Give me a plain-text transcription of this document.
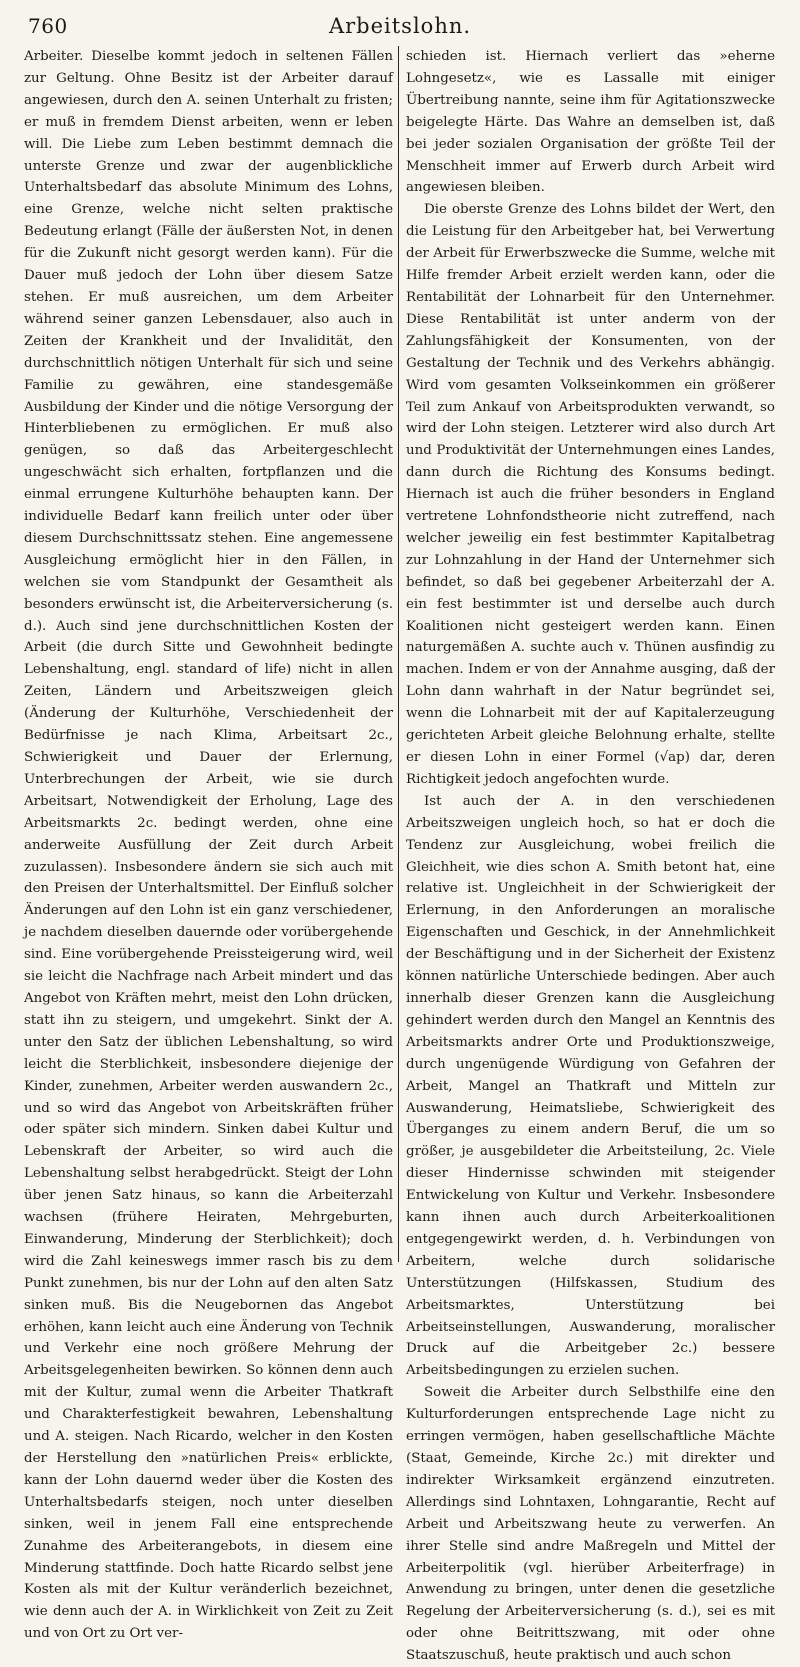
760	Arbeitslohn.

Arbeiter. Dieselbe kommt jedoch in seltenen Fällen zur Geltung. Ohne Besitz ist der Arbeiter darauf angewiesen, durch den A. seinen Unterhalt zu fristen; er muß in fremdem Dienst arbeiten, wenn er leben will. Die Liebe zum Leben bestimmt demnach die unterste Grenze und zwar der augenblickliche Unterhaltsbedarf das absolute Minimum des Lohns, eine Grenze, welche nicht selten praktische Bedeutung erlangt (Fälle der äußersten Not, in denen für die Zukunft nicht gesorgt werden kann). Für die Dauer muß jedoch der Lohn über diesem Satze stehen. Er muß ausreichen, um dem Arbeiter während seiner ganzen Lebensdauer, also auch in Zeiten der Krankheit und der Invalidität, den durchschnittlich nötigen Unterhalt für sich und seine Familie zu gewähren, eine standesgemäße Ausbildung der Kinder und die nötige Versorgung der Hinterbliebenen zu ermöglichen. Er muß also genügen, so daß das Arbeitergeschlecht ungeschwächt sich erhalten, fortpflanzen und die einmal errungene Kulturhöhe behaupten kann. Der individuelle Bedarf kann freilich unter oder über diesem Durchschnittssatz stehen. Eine angemessene Ausgleichung ermöglicht hier in den Fällen, in welchen sie vom Standpunkt der Gesamtheit als besonders erwünscht ist, die Arbeiterversicherung (s. d.). Auch sind jene durchschnittlichen Kosten der Arbeit (die durch Sitte und Gewohnheit bedingte Lebenshaltung, engl. standard of life) nicht in allen Zeiten, Ländern und Arbeitszweigen gleich (Änderung der Kulturhöhe, Verschiedenheit der Bedürfnisse je nach Klima, Arbeitsart 2c., Schwierigkeit und Dauer der Erlernung, Unterbrechungen der Arbeit, wie sie durch Arbeitsart, Notwendigkeit der Erholung, Lage des Arbeitsmarkts 2c. bedingt werden, ohne eine anderweite Ausfüllung der Zeit durch Arbeit zuzulassen). Insbesondere ändern sie sich auch mit den Preisen der Unterhaltsmittel. Der Einfluß solcher Änderungen auf den Lohn ist ein ganz verschiedener, je nachdem dieselben dauernde oder vorübergehende sind. Eine vorübergehende Preissteigerung wird, weil sie leicht die Nachfrage nach Arbeit mindert und das Angebot von Kräften mehrt, meist den Lohn drücken, statt ihn zu steigern, und umgekehrt. Sinkt der A. unter den Satz der üblichen Lebenshaltung, so wird leicht die Sterblichkeit, insbesondere diejenige der Kinder, zunehmen, Arbeiter werden auswandern 2c., und so wird das Angebot von Arbeitskräften früher oder später sich mindern. Sinken dabei Kultur und Lebenskraft der Arbeiter, so wird auch die Lebenshaltung selbst herabgedrückt. Steigt der Lohn über jenen Satz hinaus, so kann die Arbeiterzahl wachsen (frühere Heiraten, Mehrgeburten, Einwanderung, Minderung der Sterblichkeit); doch wird die Zahl keineswegs immer rasch bis zu dem Punkt zunehmen, bis nur der Lohn auf den alten Satz sinken muß. Bis die Neugebornen das Angebot erhöhen, kann leicht auch eine Änderung von Technik und Verkehr eine noch größere Mehrung der Arbeitsgelegenheiten bewirken. So können denn auch mit der Kultur, zumal wenn die Arbeiter Thatkraft und Charakterfestigkeit bewahren, Lebenshaltung und A. steigen. Nach Ricardo, welcher in den Kosten der Herstellung den »natürlichen Preis« erblickte, kann der Lohn dauernd weder über die Kosten des Unterhaltsbedarfs steigen, noch unter dieselben sinken, weil in jenem Fall eine entsprechende Zunahme des Arbeiterangebots, in diesem eine Minderung stattfinde. Doch hatte Ricardo selbst jene Kosten als mit der Kultur veränderlich bezeichnet, wie denn auch der A. in Wirklichkeit von Zeit zu Zeit und von Ort zu Ort ver-

schieden ist. Hiernach verliert das »eherne Lohngesetz«, wie es Lassalle mit einiger Übertreibung nannte, seine ihm für Agitationszwecke beigelegte Härte. Das Wahre an demselben ist, daß bei jeder sozialen Organisation der größte Teil der Menschheit immer auf Erwerb durch Arbeit wird angewiesen bleiben.

Die oberste Grenze des Lohns bildet der Wert, den die Leistung für den Arbeitgeber hat, bei Verwertung der Arbeit für Erwerbszwecke die Summe, welche mit Hilfe fremder Arbeit erzielt werden kann, oder die Rentabilität der Lohnarbeit für den Unternehmer. Diese Rentabilität ist unter anderm von der Zahlungsfähigkeit der Konsumenten, von der Gestaltung der Technik und des Verkehrs abhängig. Wird vom gesamten Volkseinkommen ein größerer Teil zum Ankauf von Arbeitsprodukten verwandt, so wird der Lohn steigen. Letzterer wird also durch Art und Produktivität der Unternehmungen eines Landes, dann durch die Richtung des Konsums bedingt. Hiernach ist auch die früher besonders in England vertretene Lohnfondstheorie nicht zutreffend, nach welcher jeweilig ein fest bestimmter Kapitalbetrag zur Lohnzahlung in der Hand der Unternehmer sich befindet, so daß bei gegebener Arbeiterzahl der A. ein fest bestimmter ist und derselbe auch durch Koalitionen nicht gesteigert werden kann. Einen naturgemäßen A. suchte auch v. Thünen ausfindig zu machen. Indem er von der Annahme ausging, daß der Lohn dann wahrhaft in der Natur begründet sei, wenn die Lohnarbeit mit der auf Kapitalerzeugung gerichteten Arbeit gleiche Belohnung erhalte, stellte er diesen Lohn in einer Formel (√ap) dar, deren Richtigkeit jedoch angefochten wurde.

Ist auch der A. in den verschiedenen Arbeitszweigen ungleich hoch, so hat er doch die Tendenz zur Ausgleichung, wobei freilich die Gleichheit, wie dies schon A. Smith betont hat, eine relative ist. Ungleichheit in der Schwierigkeit der Erlernung, in den Anforderungen an moralische Eigenschaften und Geschick, in der Annehmlichkeit der Beschäftigung und in der Sicherheit der Existenz können natürliche Unterschiede bedingen. Aber auch innerhalb dieser Grenzen kann die Ausgleichung gehindert werden durch den Mangel an Kenntnis des Arbeitsmarkts andrer Orte und Produktionszweige, durch ungenügende Würdigung von Gefahren der Arbeit, Mangel an Thatkraft und Mitteln zur Auswanderung, Heimatsliebe, Schwierigkeit des Überganges zu einem andern Beruf, die um so größer, je ausgebildeter die Arbeitsteilung, 2c. Viele dieser Hindernisse schwinden mit steigender Entwickelung von Kultur und Verkehr. Insbesondere kann ihnen auch durch Arbeiterkoalitionen entgegengewirkt werden, d. h. Verbindungen von Arbeitern, welche durch solidarische Unterstützungen (Hilfskassen, Studium des Arbeitsmarktes, Unterstützung bei Arbeitseinstellungen, Auswanderung, moralischer Druck auf die Arbeitgeber 2c.) bessere Arbeitsbedingungen zu erzielen suchen.

Soweit die Arbeiter durch Selbsthilfe eine den Kulturforderungen entsprechende Lage nicht zu erringen vermögen, haben gesellschaftliche Mächte (Staat, Gemeinde, Kirche 2c.) mit direkter und indirekter Wirksamkeit ergänzend einzutreten. Allerdings sind Lohntaxen, Lohngarantie, Recht auf Arbeit und Arbeitszwang heute zu verwerfen. An ihrer Stelle sind andre Maßregeln und Mittel der Arbeiterpolitik (vgl. hierüber Arbeiterfrage) in Anwendung zu bringen, unter denen die gesetzliche Regelung der Arbeiterversicherung (s. d.), sei es mit oder ohne Beitrittszwang, mit oder ohne Staatszuschuß, heute praktisch und auch schon
